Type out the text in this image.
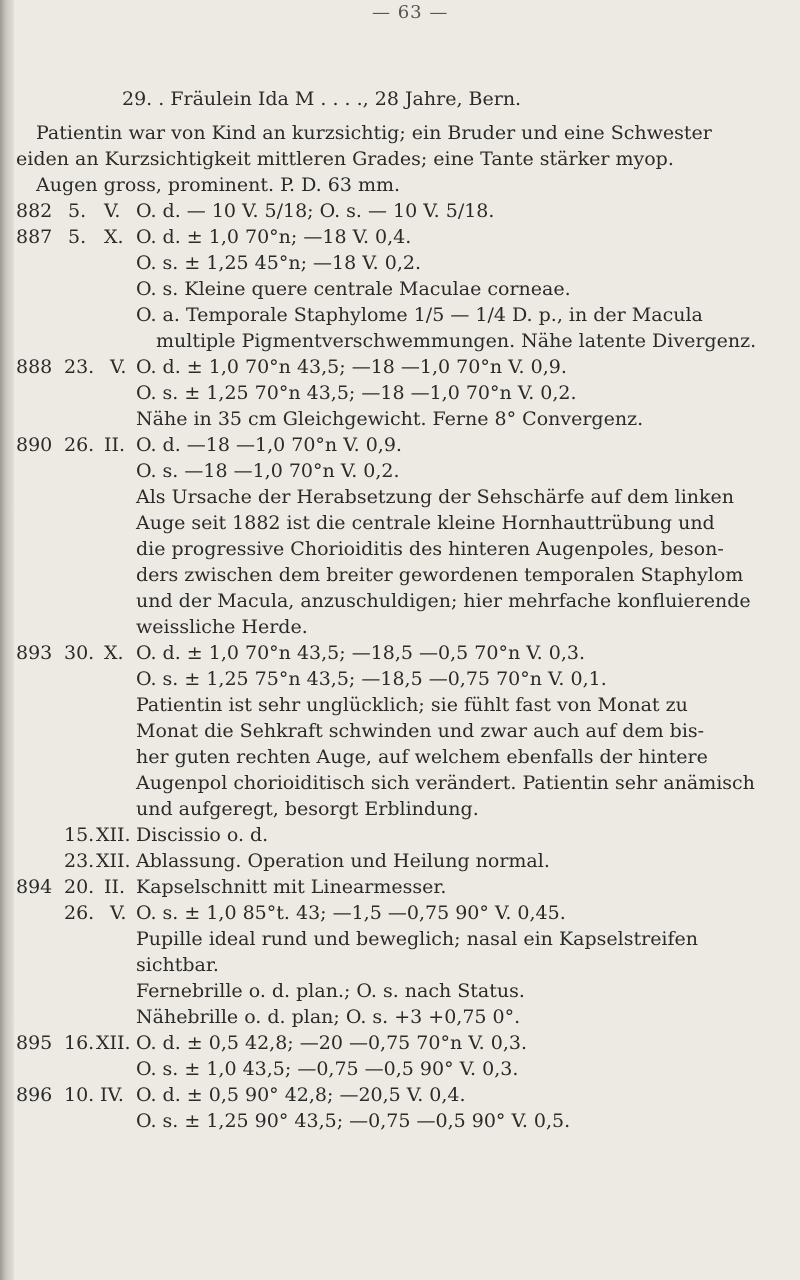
— 63 —
29. . Fräulein Ida M . . . ., 28 Jahre, Bern.
Patientin war von Kind an kurzsichtig; ein Bruder und eine Schwester
eiden an Kurzsichtigkeit mittleren Grades; eine Tante stärker myop.
Augen gross, prominent. P. D. 63 mm.
882 5. V. O. d. — 10 V. 5/18; O. s. — 10 V. 5/18.
887 5. X. O. d. ± 1,0 70°n; —18 V. 0,4.
O. s. ± 1,25 45°n; —18 V. 0,2.
O. s. Kleine quere centrale Maculae corneae.
O. a. Temporale Staphylome 1/5 — 1/4 D. p., in der Macula
multiple Pigmentverschwemmungen. Nähe latente Divergenz.
888 23. V. O. d. ± 1,0 70°n 43,5; —18 —1,0 70°n V. 0,9.
O. s. ± 1,25 70°n 43,5; —18 —1,0 70°n V. 0,2.
Nähe in 35 cm Gleichgewicht. Ferne 8° Convergenz.
890 26. II. O. d. —18 —1,0 70°n V. 0,9.
O. s. —18 —1,0 70°n V. 0,2.
Als Ursache der Herabsetzung der Sehschärfe auf dem linken
Auge seit 1882 ist die centrale kleine Hornhauttrübung und
die progressive Chorioiditis des hinteren Augenpoles, beson-
ders zwischen dem breiter gewordenen temporalen Staphylom
und der Macula, anzuschuldigen; hier mehrfache konfluierende
weissliche Herde.
893 30. X. O. d. ± 1,0 70°n 43,5; —18,5 —0,5 70°n V. 0,3.
O. s. ± 1,25 75°n 43,5; —18,5 —0,75 70°n V. 0,1.
Patientin ist sehr unglücklich; sie fühlt fast von Monat zu
Monat die Sehkraft schwinden und zwar auch auf dem bis-
her guten rechten Auge, auf welchem ebenfalls der hintere
Augenpol chorioiditisch sich verändert. Patientin sehr anämisch
und aufgeregt, besorgt Erblindung.
15. XII. Discissio o. d.
23. XII. Ablassung. Operation und Heilung normal.
894 20. II. Kapselschnitt mit Linearmesser.
26. V. O. s. ± 1,0 85°t. 43; —1,5 —0,75 90° V. 0,45.
Pupille ideal rund und beweglich; nasal ein Kapselstreifen
sichtbar.
Fernebrille o. d. plan.; O. s. nach Status.
Nähebrille o. d. plan; O. s. +3 +0,75 0°.
895 16. XII. O. d. ± 0,5 42,8; —20 —0,75 70°n V. 0,3.
O. s. ± 1,0 43,5; —0,75 —0,5 90° V. 0,3.
896 10. IV. O. d. ± 0,5 90° 42,8; —20,5 V. 0,4.
O. s. ± 1,25 90° 43,5; —0,75 —0,5 90° V. 0,5.
